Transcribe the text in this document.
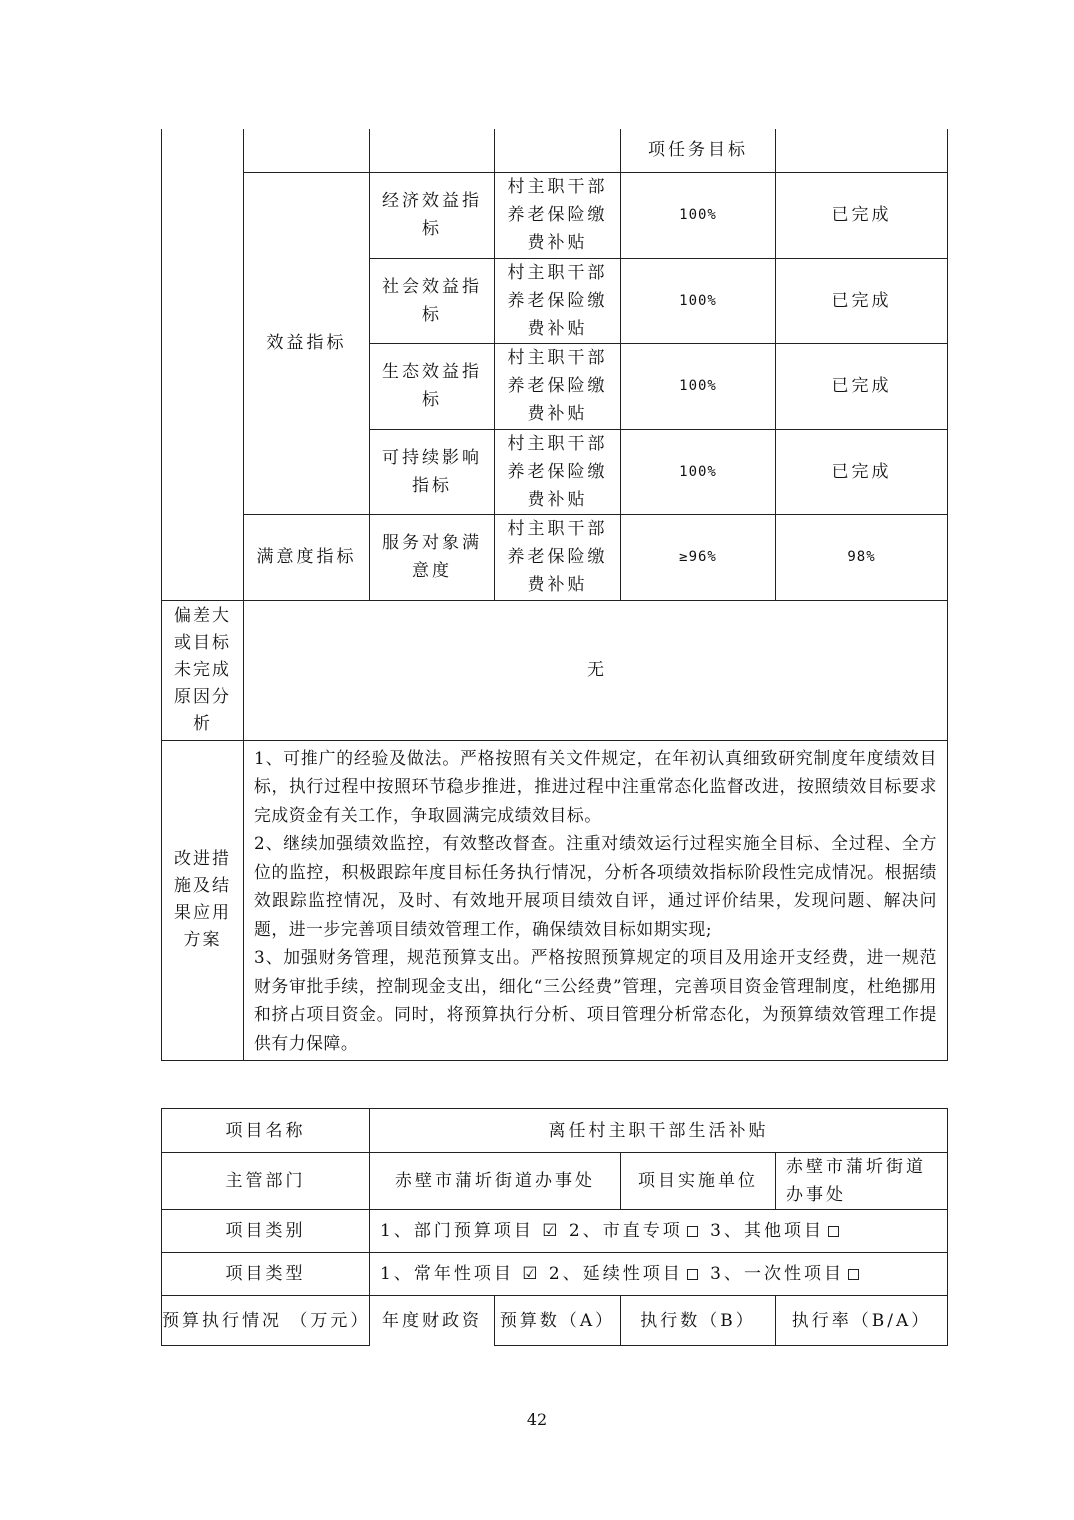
				项任务目标	
	效益指标	经济效益指标	村主职干部养老保险缴费补贴	100%	已完成
		社会效益指标	村主职干部养老保险缴费补贴	100%	已完成
		生态效益指标	村主职干部养老保险缴费补贴	100%	已完成
		可持续影响指标	村主职干部养老保险缴费补贴	100%	已完成
	满意度指标	服务对象满意度	村主职干部养老保险缴费补贴	≥96%	98%
偏差大或目标未完成原因分析	无				
改进措施及结果应用方案	1、可推广的经验及做法。严格按照有关文件规定，在年初认真细致研究制度年度绩效目标，执行过程中按照环节稳步推进，推进过程中注重常态化监督改进，按照绩效目标要求完成资金有关工作，争取圆满完成绩效目标。
2、继续加强绩效监控，有效整改督查。注重对绩效运行过程实施全目标、全过程、全方位的监控，积极跟踪年度目标任务执行情况，分析各项绩效指标阶段性完成情况。根据绩效跟踪监控情况，及时、有效地开展项目绩效自评，通过评价结果，发现问题、解决问题，进一步完善项目绩效管理工作，确保绩效目标如期实现;
3、加强财务管理，规范预算支出。严格按照预算规定的项目及用途开支经费，进一规范财务审批手续，控制现金支出，细化“三公经费”管理，完善项目资金管理制度，杜绝挪用和挤占项目资金。同时，将预算执行分析、项目管理分析常态化，为预算绩效管理工作提供有力保障。				
项目名称	离任村主职干部生活补贴			
主管部门	赤壁市蒲圻街道办事处		项目实施单位	赤壁市蒲圻街道办事处
项目类别	1、部门预算项目 ☑ 2、市直专项 3、其他项目			
项目类型	1、常年性项目 ☑ 2、延续性项目 3、一次性项目			
预算执行情况 （万元）	年度财政资	预算数（A）	执行数（B）	执行率（B/A）
42
